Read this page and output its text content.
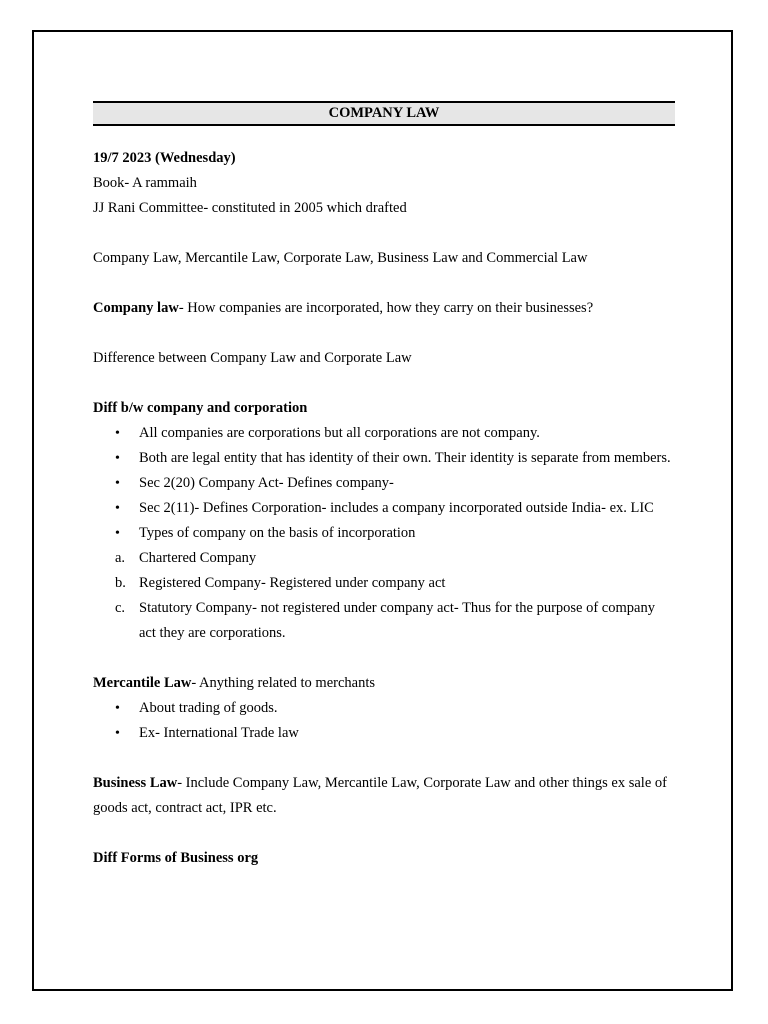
COMPANY LAW

19/7 2023 (Wednesday)

Book- A rammaih

JJ Rani Committee- constituted in 2005 which drafted

Company Law, Mercantile Law, Corporate Law, Business Law and Commercial Law

Company law- How companies are incorporated, how they carry on their businesses?

Difference between Company Law and Corporate Law

Diff b/w company and corporation

• All companies are corporations but all corporations are not company.
• Both are legal entity that has identity of their own. Their identity is separate from members.
• Sec 2(20) Company Act- Defines company-
• Sec 2(11)- Defines Corporation- includes a company incorporated outside India- ex. LIC
• Types of company on the basis of incorporation
a. Chartered Company
b. Registered Company- Registered under company act
c. Statutory Company- not registered under company act- Thus for the purpose of company act they are corporations.

Mercantile Law- Anything related to merchants

• About trading of goods.
• Ex- International Trade law

Business Law- Include Company Law, Mercantile Law, Corporate Law and other things ex sale of goods act, contract act, IPR etc.

Diff Forms of Business org
